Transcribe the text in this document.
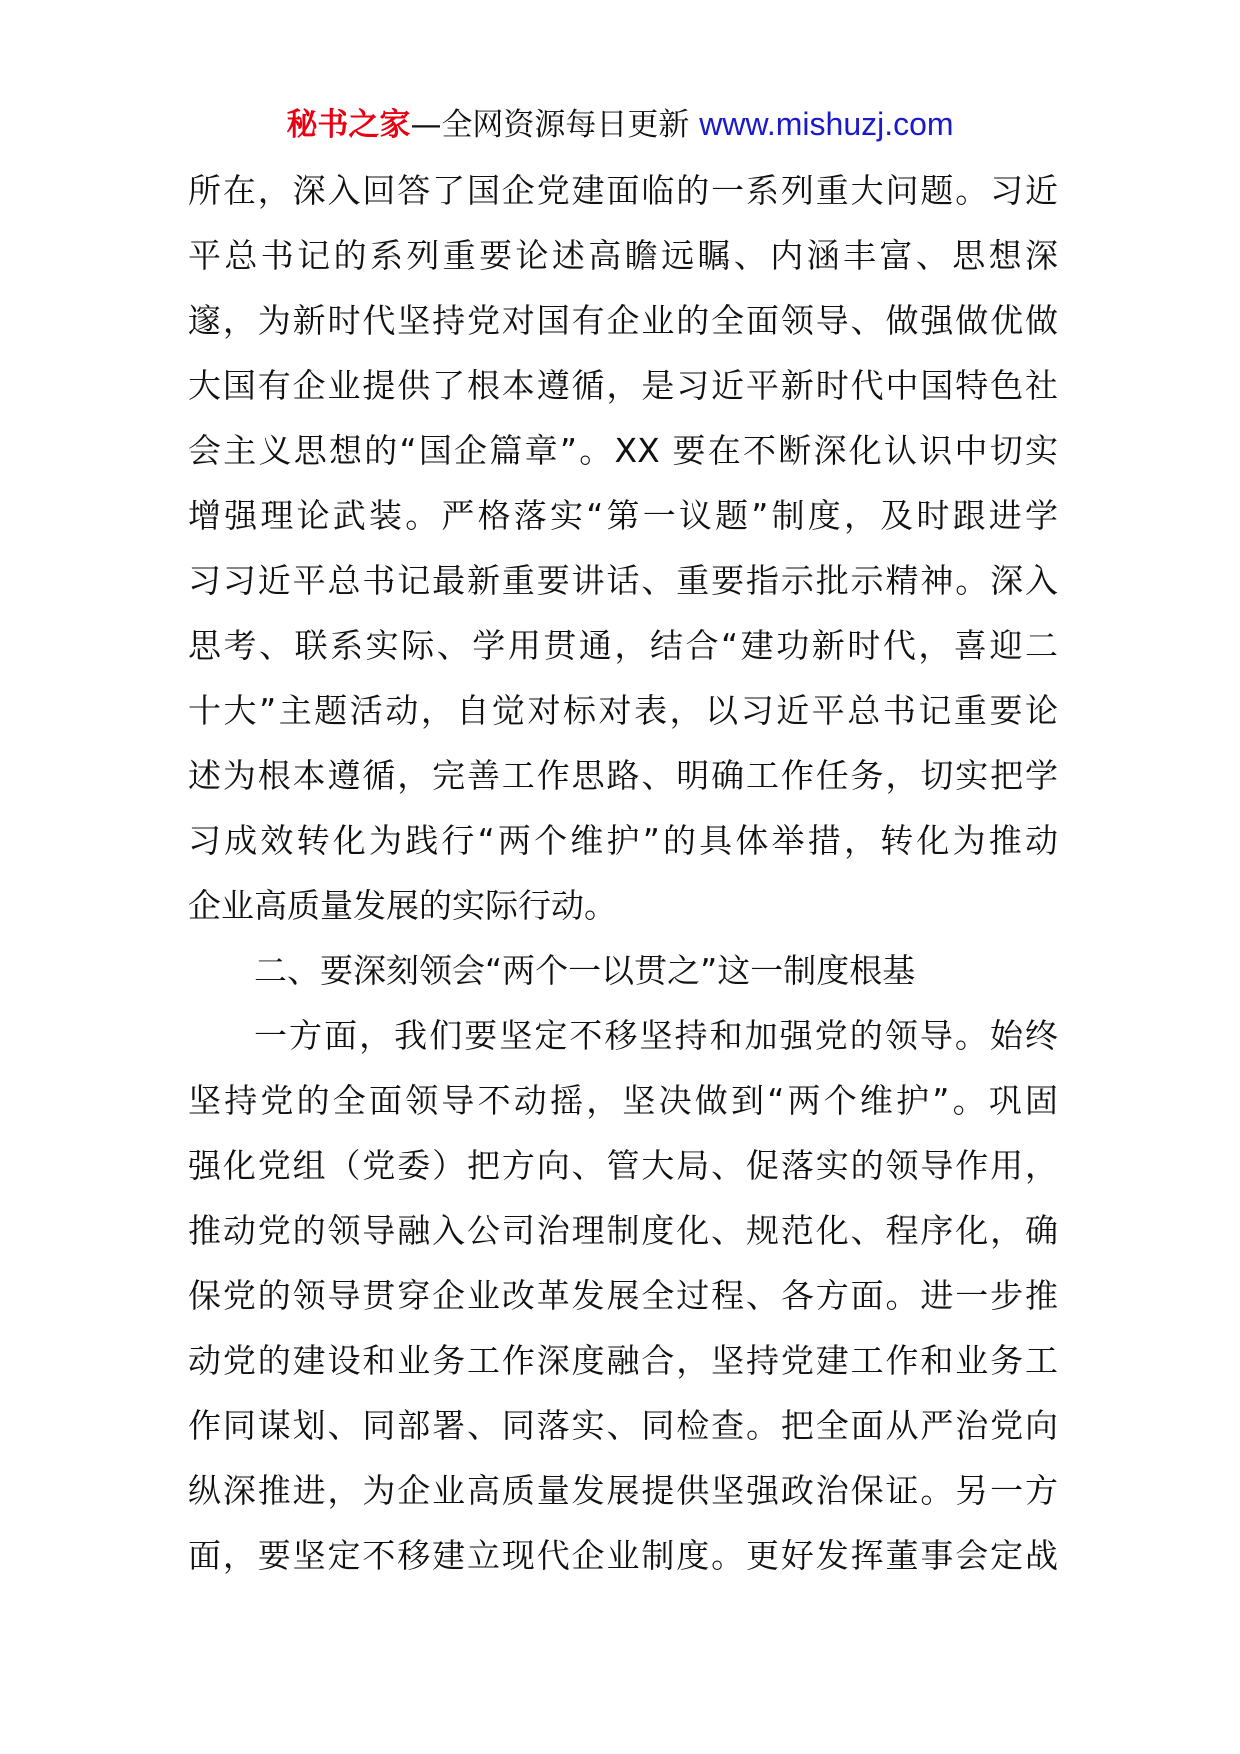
秘书之家—全网资源每日更新 www.mishuzj.com
所在，深入回答了国企党建面临的一系列重大问题。习近
平总书记的系列重要论述高瞻远瞩、内涵丰富、思想深
邃，为新时代坚持党对国有企业的全面领导、做强做优做
大国有企业提供了根本遵循，是习近平新时代中国特色社
会主义思想的“国企篇章”。XX 要在不断深化认识中切实
增强理论武装。严格落实“第一议题”制度，及时跟进学
习习近平总书记最新重要讲话、重要指示批示精神。深入
思考、联系实际、学用贯通，结合“建功新时代，喜迎二
十大”主题活动，自觉对标对表，以习近平总书记重要论
述为根本遵循，完善工作思路、明确工作任务，切实把学
习成效转化为践行“两个维护”的具体举措，转化为推动
企业高质量发展的实际行动。
二、要深刻领会“两个一以贯之”这一制度根基
一方面，我们要坚定不移坚持和加强党的领导。始终
坚持党的全面领导不动摇，坚决做到“两个维护”。巩固
强化党组（党委）把方向、管大局、促落实的领导作用，
推动党的领导融入公司治理制度化、规范化、程序化，确
保党的领导贯穿企业改革发展全过程、各方面。进一步推
动党的建设和业务工作深度融合，坚持党建工作和业务工
作同谋划、同部署、同落实、同检查。把全面从严治党向
纵深推进，为企业高质量发展提供坚强政治保证。另一方
面，要坚定不移建立现代企业制度。更好发挥董事会定战
